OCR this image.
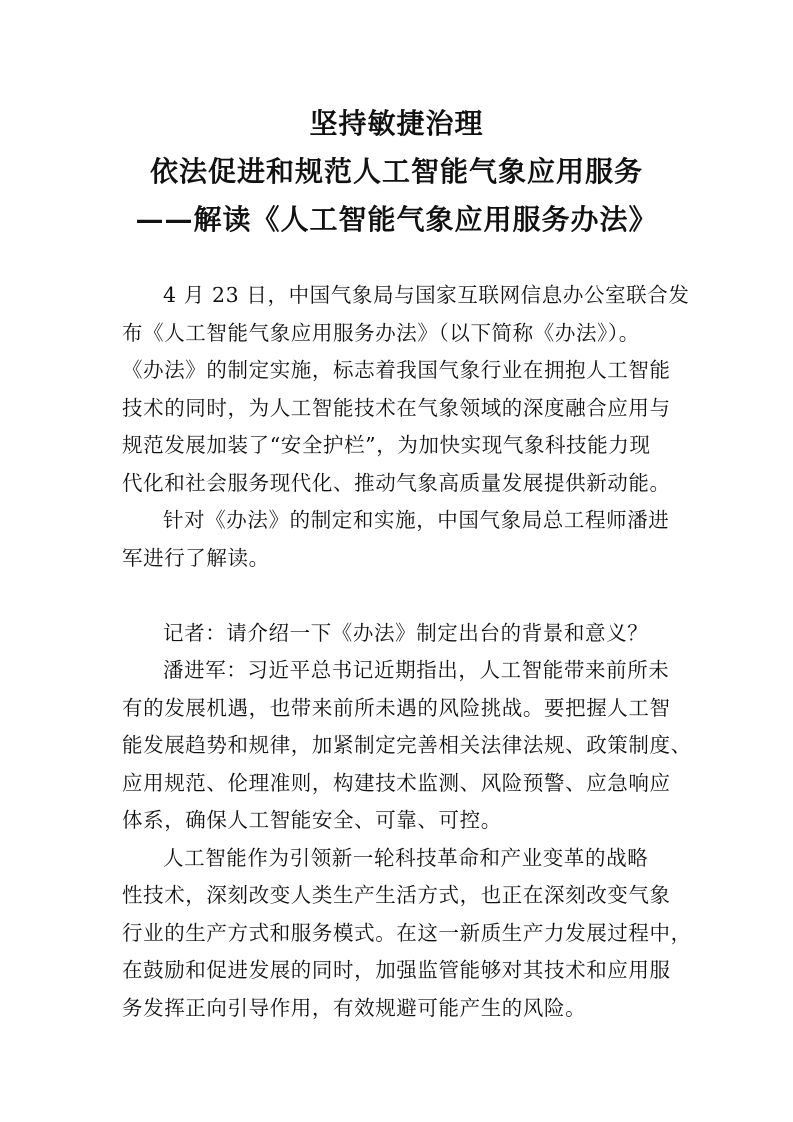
坚持敏捷治理
依法促进和规范人工智能气象应用服务
——解读《人工智能气象应用服务办法》
4 月 23 日，中国气象局与国家互联网信息办公室联合发
布《人工智能气象应用服务办法》（以下简称《办法》）。
《办法》的制定实施，标志着我国气象行业在拥抱人工智能
技术的同时，为人工智能技术在气象领域的深度融合应用与
规范发展加装了“安全护栏”，为加快实现气象科技能力现
代化和社会服务现代化、推动气象高质量发展提供新动能。
针对《办法》的制定和实施，中国气象局总工程师潘进
军进行了解读。
记者：请介绍一下《办法》制定出台的背景和意义？
潘进军：习近平总书记近期指出，人工智能带来前所未
有的发展机遇，也带来前所未遇的风险挑战。要把握人工智
能发展趋势和规律，加紧制定完善相关法律法规、政策制度、
应用规范、伦理准则，构建技术监测、风险预警、应急响应
体系，确保人工智能安全、可靠、可控。
人工智能作为引领新一轮科技革命和产业变革的战略
性技术，深刻改变人类生产生活方式，也正在深刻改变气象
行业的生产方式和服务模式。在这一新质生产力发展过程中，
在鼓励和促进发展的同时，加强监管能够对其技术和应用服
务发挥正向引导作用，有效规避可能产生的风险。
